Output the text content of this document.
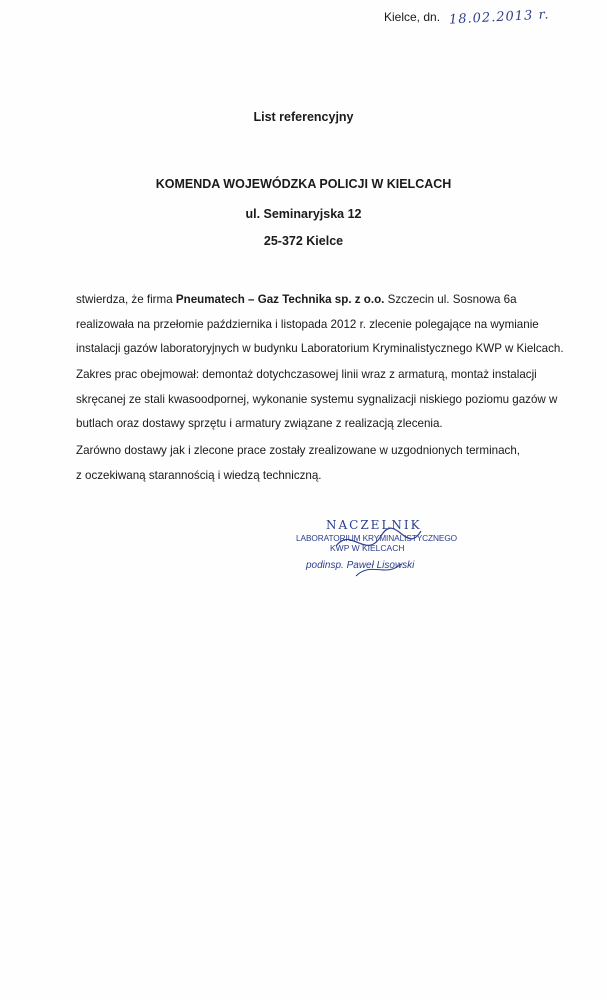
Kielce, dn. 18.02.2013 r.
List referencyjny
KOMENDA WOJEWÓDZKA POLICJI W KIELCACH
ul. Seminaryjska 12
25-372 Kielce
stwierdza, że firma Pneumatech – Gaz Technika sp. z o.o. Szczecin ul. Sosnowa 6a
realizowała na przełomie października i listopada 2012 r. zlecenie polegające na wymianie
instalacji gazów laboratoryjnych w budynku Laboratorium Kryminalistycznego KWP w Kielcach.
Zakres prac obejmował: demontaż dotychczasowej linii wraz z armaturą, montaż instalacji
skręcanej ze stali kwasoodpornej, wykonanie systemu sygnalizacji niskiego poziomu gazów w
butlach oraz dostawy sprzętu i armatury związane z realizacją zlecenia.
Zarówno dostawy jak i zlecone prace zostały zrealizowane w uzgodnionych terminach,
z oczekiwaną starannością i wiedzą techniczną.
NACZELNIK
LABORATORIUM KRYMINALISTYCZNEGO
KWP W KIELCACH
podinsp. Paweł Lisowski
